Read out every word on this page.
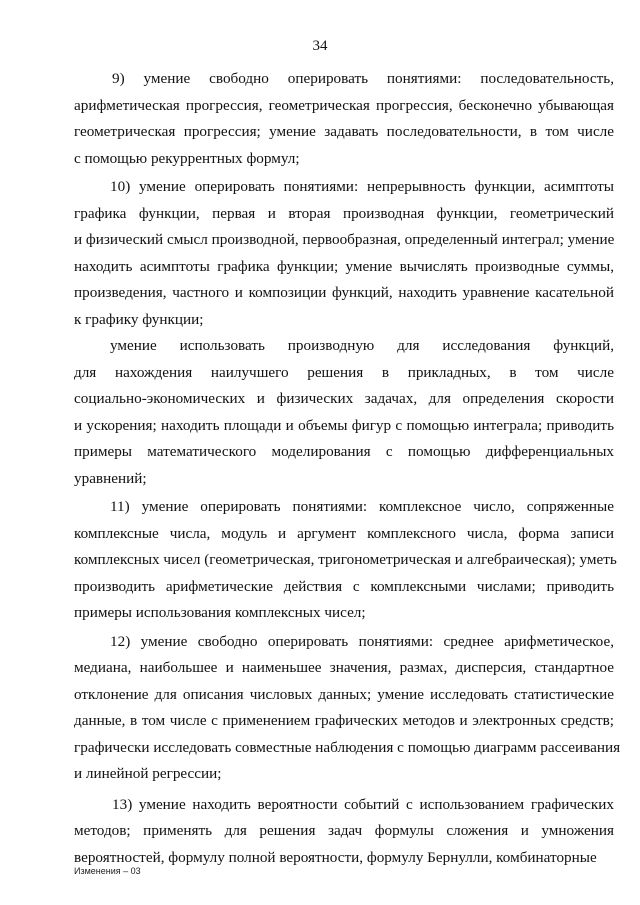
34
9) умение свободно оперировать понятиями: последовательность,
арифметическая прогрессия, геометрическая прогрессия, бесконечно убывающая
геометрическая прогрессия; умение задавать последовательности, в том числе
с помощью рекуррентных формул;
10) умение оперировать понятиями: непрерывность функции, асимптоты
графика функции, первая и вторая производная функции, геометрический
и физический смысл производной, первообразная, определенный интеграл; умение
находить асимптоты графика функции; умение вычислять производные суммы,
произведения, частного и композиции функций, находить уравнение касательной
к графику функции;
умение использовать производную для исследования функций,
для нахождения наилучшего решения в прикладных, в том числе
социально-экономических и физических задачах, для определения скорости
и ускорения; находить площади и объемы фигур с помощью интеграла; приводить
примеры математического моделирования с помощью дифференциальных
уравнений;
11) умение оперировать понятиями: комплексное число, сопряженные
комплексные числа, модуль и аргумент комплексного числа, форма записи
комплексных чисел (геометрическая, тригонометрическая и алгебраическая); уметь
производить арифметические действия с комплексными числами; приводить
примеры использования комплексных чисел;
12) умение свободно оперировать понятиями: среднее арифметическое,
медиана, наибольшее и наименьшее значения, размах, дисперсия, стандартное
отклонение для описания числовых данных; умение исследовать статистические
данные, в том числе с применением графических методов и электронных средств;
графически исследовать совместные наблюдения с помощью диаграмм рассеивания
и линейной регрессии;
13) умение находить вероятности событий с использованием графических
методов; применять для решения задач формулы сложения и умножения
вероятностей, формулу полной вероятности, формулу Бернулли, комбинаторные
Изменения – 03
